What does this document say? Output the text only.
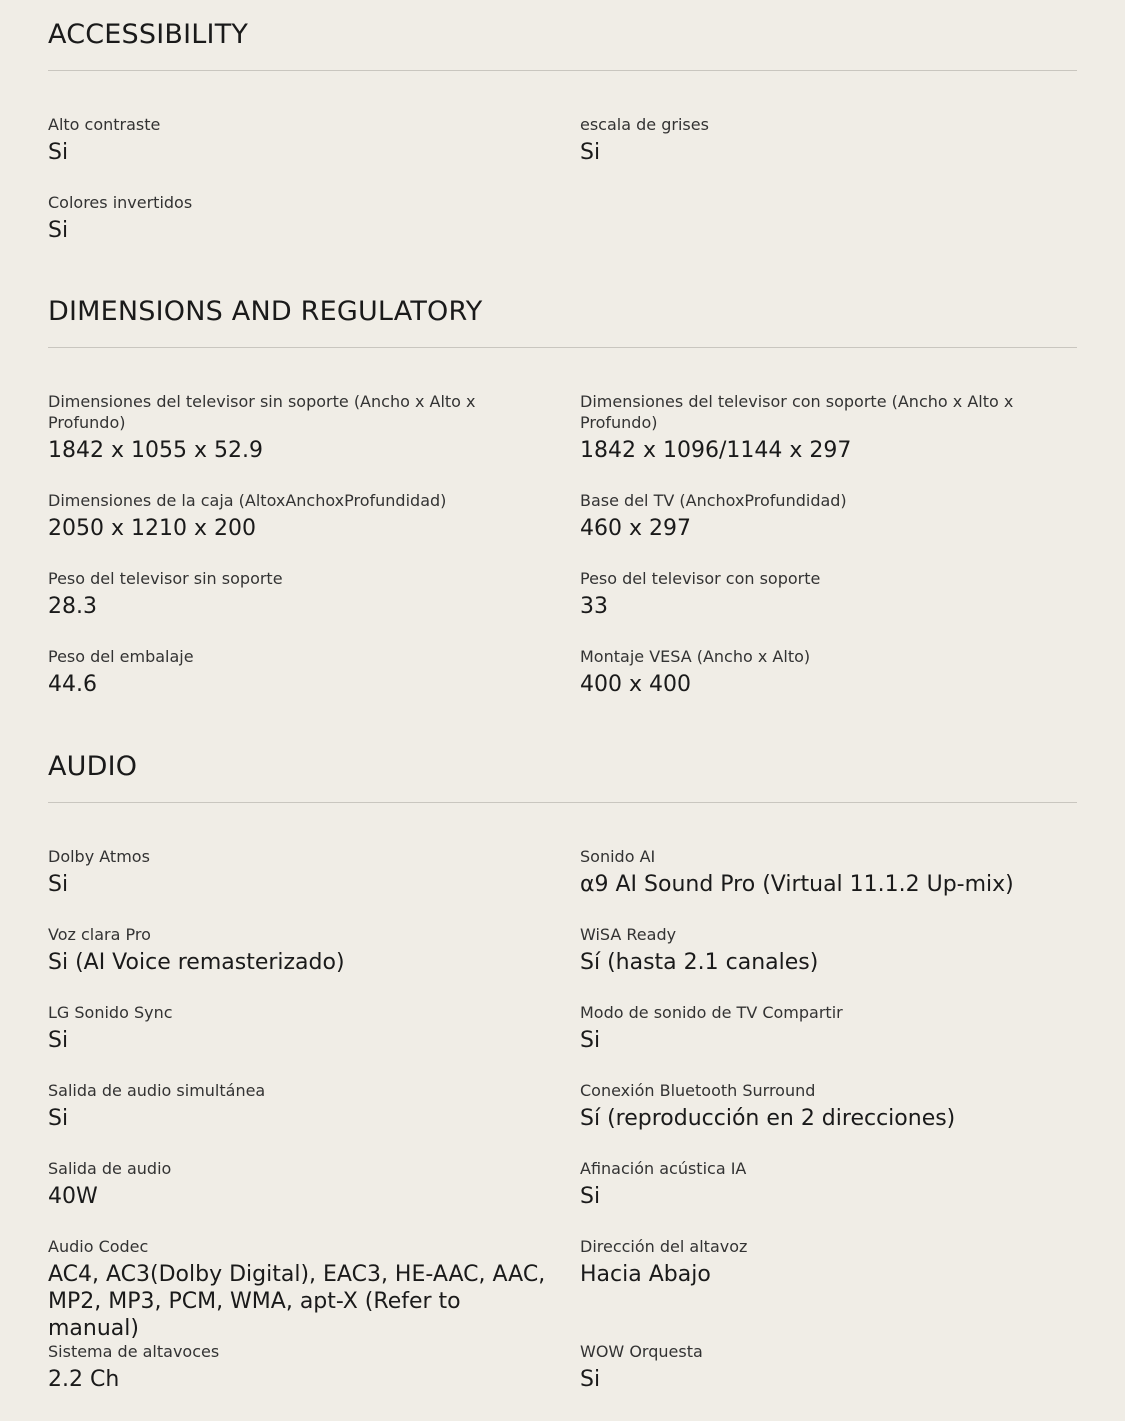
ACCESSIBILITY
Alto contraste
Si
escala de grises
Si
Colores invertidos
Si
DIMENSIONS AND REGULATORY
Dimensiones del televisor sin soporte (Ancho x Alto x Profundo)
1842 x 1055 x 52.9
Dimensiones del televisor con soporte (Ancho x Alto x Profundo)
1842 x 1096/1144 x 297
Dimensiones de la caja (AltoxAnchoxProfundidad)
2050 x 1210 x 200
Base del TV (AnchoxProfundidad)
460 x 297
Peso del televisor sin soporte
28.3
Peso del televisor con soporte
33
Peso del embalaje
44.6
Montaje VESA (Ancho x Alto)
400 x 400
AUDIO
Dolby Atmos
Si
Sonido AI
α9 AI Sound Pro (Virtual 11.1.2 Up-mix)
Voz clara Pro
Si (AI Voice remasterizado)
WiSA Ready
Sí (hasta 2.1 canales)
LG Sonido Sync
Si
Modo de sonido de TV Compartir
Si
Salida de audio simultánea
Si
Conexión Bluetooth Surround
Sí (reproducción en 2 direcciones)
Salida de audio
40W
Afinación acústica IA
Si
Audio Codec
AC4, AC3(Dolby Digital), EAC3, HE-AAC, AAC, MP2, MP3, PCM, WMA, apt-X (Refer to manual)
Dirección del altavoz
Hacia Abajo
Sistema de altavoces
2.2 Ch
WOW Orquesta
Si
